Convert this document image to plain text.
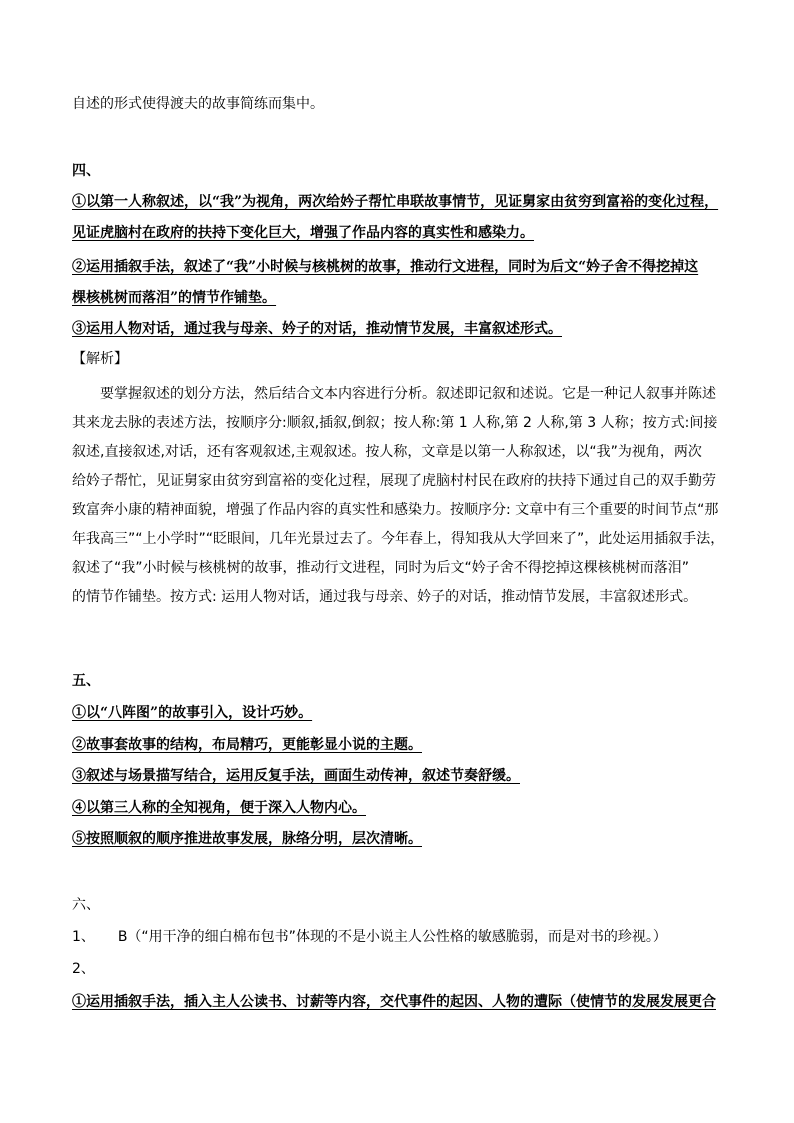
自述的形式使得渡夫的故事简练而集中。
四、
①以第一人称叙述，以“我”为视角，两次给妗子帮忙串联故事情节，见证舅家由贫穷到富裕的变化过程，
见证虎脑村在政府的扶持下变化巨大，增强了作品内容的真实性和感染力。
②运用插叙手法，叙述了“我”小时候与核桃树的故事，推动行文进程，同时为后文“妗子舍不得挖掉这
棵核桃树而落泪”的情节作铺垫。
③运用人物对话，通过我与母亲、妗子的对话，推动情节发展，丰富叙述形式。
【解析】
要掌握叙述的划分方法，然后结合文本内容进行分析。叙述即记叙和述说。它是一种记人叙事并陈述
其来龙去脉的表述方法，按顺序分:顺叙,插叙,倒叙；按人称:第 1 人称,第 2 人称,第 3 人称；按方式:间接
叙述,直接叙述,对话，还有客观叙述,主观叙述。按人称，文章是以第一人称叙述，以“我”为视角，两次
给妗子帮忙，见证舅家由贫穷到富裕的变化过程，展现了虎脑村村民在政府的扶持下通过自己的双手勤劳
致富奔小康的精神面貌，增强了作品内容的真实性和感染力。按顺序分: 文章中有三个重要的时间节点“那
年我高三”“上小学时”“眨眼间，几年光景过去了。今年春上，得知我从大学回来了”，此处运用插叙手法，
叙述了“我”小时候与核桃树的故事，推动行文进程，同时为后文“妗子舍不得挖掉这棵核桃树而落泪”
的情节作铺垫。按方式: 运用人物对话，通过我与母亲、妗子的对话，推动情节发展，丰富叙述形式。
五、
①以“八阵图”的故事引入，设计巧妙。
②故事套故事的结构，布局精巧，更能彰显小说的主题。
③叙述与场景描写结合，运用反复手法，画面生动传神，叙述节奏舒缓。
④以第三人称的全知视角，便于深入人物内心。
⑤按照顺叙的顺序推进故事发展，脉络分明，层次清晰。
六、
1、 B（“用干净的细白棉布包书”体现的不是小说主人公性格的敏感脆弱，而是对书的珍视。）
2、
①运用插叙手法，插入主人公读书、讨薪等内容，交代事件的起因、人物的遭际（使情节的发展发展更合
